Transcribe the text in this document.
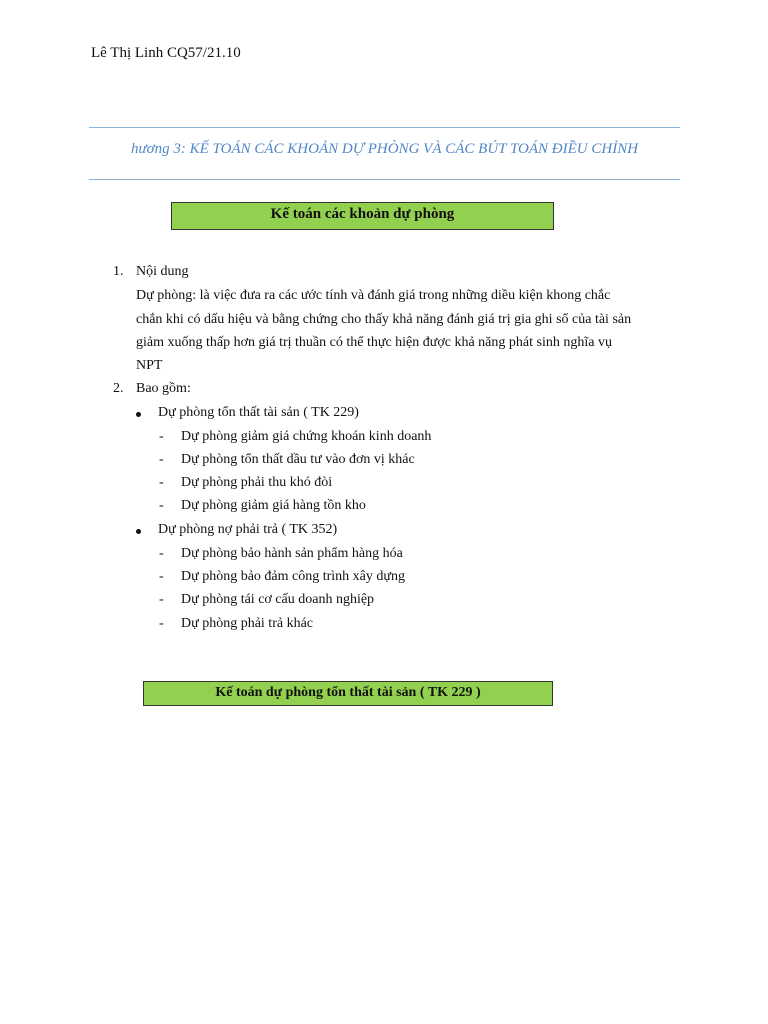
Lê Thị Linh CQ57/21.10
hương 3: KẾ TOÁN CÁC KHOẢN DỰ PHÒNG VÀ CÁC BÚT TOÁN ĐIỀU CHỈNH
Kế toán các khoản dự phòng
1. Nội dung
Dự phòng: là việc đưa ra các ước tính và đánh giá trong những diều kiện khong chắc
chắn khi có dấu hiệu và bằng chứng cho thấy khả năng đánh giá trị gia ghi sổ của tài sản
giảm xuống thấp hơn giá trị thuần có thể thực hiện được khả năng phát sinh nghĩa vụ
NPT
2. Bao gồm:
Dự phòng tổn thất tài sản ( TK 229)
- Dự phòng giảm giá chứng khoán kinh doanh
- Dự phòng tổn thất dầu tư vào đơn vị khác
- Dự phòng phải thu khó đòi
- Dự phòng giảm giá hàng tồn kho
Dự phòng nợ phải trả ( TK 352)
- Dự phòng bảo hành sản phẩm hàng hóa
- Dự phòng bảo đảm công trình xây dựng
- Dự phòng tái cơ cấu doanh nghiệp
- Dự phòng phải trả khác
Kế toán dự phòng tổn thất tài sản ( TK 229 )
